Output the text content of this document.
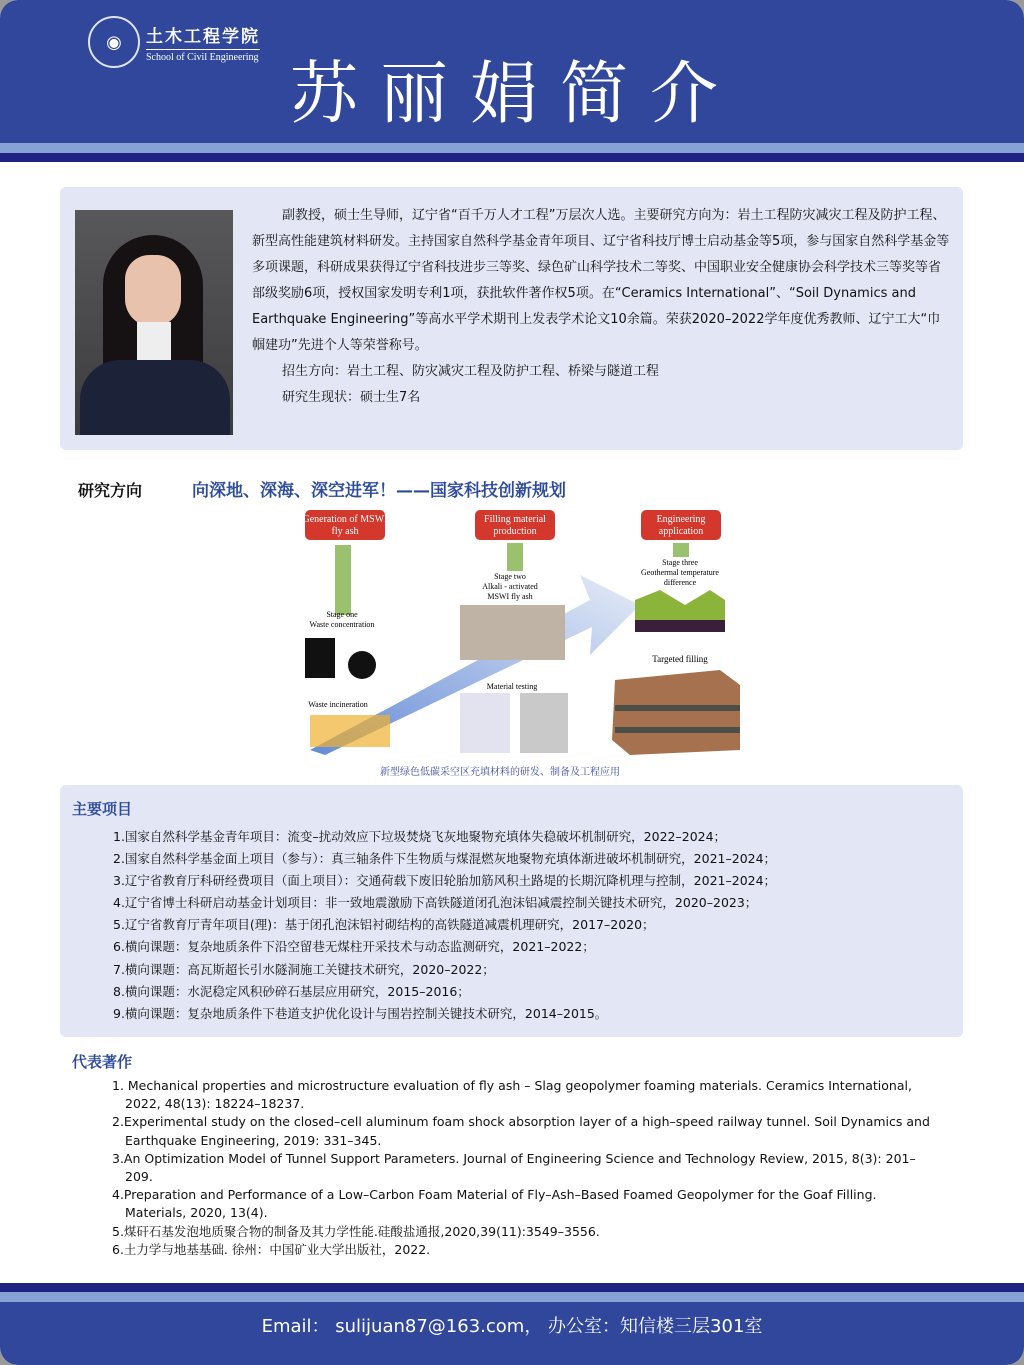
◉	土木工程学院
School of Civil Engineering 苏丽娟简介

副教授，硕士生导师，辽宁省“百千万人才工程”万层次人选。主要研究方向为：岩土工程防灾减灾工程及防护工程、新型高性能建筑材料研发。主持国家自然科学基金青年项目、辽宁省科技厅博士启动基金等5项，参与国家自然科学基金等多项课题，科研成果获得辽宁省科技进步三等奖、绿色矿山科学技术二等奖、中国职业安全健康协会科学技术三等奖等省部级奖励6项，授权国家发明专利1项，获批软件著作权5项。在“Ceramics International”、“Soil Dynamics and Earthquake Engineering”等高水平学术期刊上发表学术论文10余篇。荣获2020–2022学年度优秀教师、辽宁工大“巾帼建功”先进个人等荣誉称号。

招生方向：岩土工程、防灾减灾工程及防护工程、桥梁与隧道工程

研究生现状：硕士生7名

研究方向	向深地、深海、深空进军！——国家科技创新规划
Generation of MSWI fly ash
Filling material production
Engineering application
Stage one
Waste concentration
Waste incineration
Stage two
Alkali - activated
MSWI fly ash
Material testing
Stage three
Geothermal temperature
difference
Targeted filling
新型绿色低碳采空区充填材料的研发、制备及工程应用
主要项目
1.国家自然科学基金青年项目：流变–扰动效应下垃圾焚烧飞灰地聚物充填体失稳破坏机制研究，2022–2024；
2.国家自然科学基金面上项目（参与）：真三轴条件下生物质与煤混燃灰地聚物充填体渐进破坏机制研究，2021–2024；
3.辽宁省教育厅科研经费项目（面上项目）：交通荷载下废旧轮胎加筋风积土路堤的长期沉降机理与控制，2021–2024；
4.辽宁省博士科研启动基金计划项目：非一致地震激励下高铁隧道闭孔泡沫铝减震控制关键技术研究，2020–2023；
5.辽宁省教育厅青年项目(理)：基于闭孔泡沫铝衬砌结构的高铁隧道减震机理研究，2017–2020；
6.横向课题：复杂地质条件下沿空留巷无煤柱开采技术与动态监测研究，2021–2022；
7.横向课题：高瓦斯超长引水隧洞施工关键技术研究，2020–2022；
8.横向课题：水泥稳定风积砂碎石基层应用研究，2015–2016；
9.横向课题：复杂地质条件下巷道支护优化设计与围岩控制关键技术研究，2014–2015。
代表著作
1. Mechanical properties and microstructure evaluation of fly ash – Slag geopolymer foaming materials. Ceramics International, 2022, 48(13): 18224–18237.
2.Experimental study on the closed–cell aluminum foam shock absorption layer of a high–speed railway tunnel. Soil Dynamics and Earthquake Engineering, 2019: 331–345.
3.An Optimization Model of Tunnel Support Parameters. Journal of Engineering Science and Technology Review, 2015, 8(3): 201–209.
4.Preparation and Performance of a Low–Carbon Foam Material of Fly–Ash–Based Foamed Geopolymer for the Goaf Filling. Materials, 2020, 13(4).
5.煤矸石基发泡地质聚合物的制备及其力学性能.硅酸盐通报,2020,39(11):3549–3556.
6.土力学与地基基础. 徐州：中国矿业大学出版社，2022.
Email： sulijuan87@163.com， 办公室：知信楼三层301室
